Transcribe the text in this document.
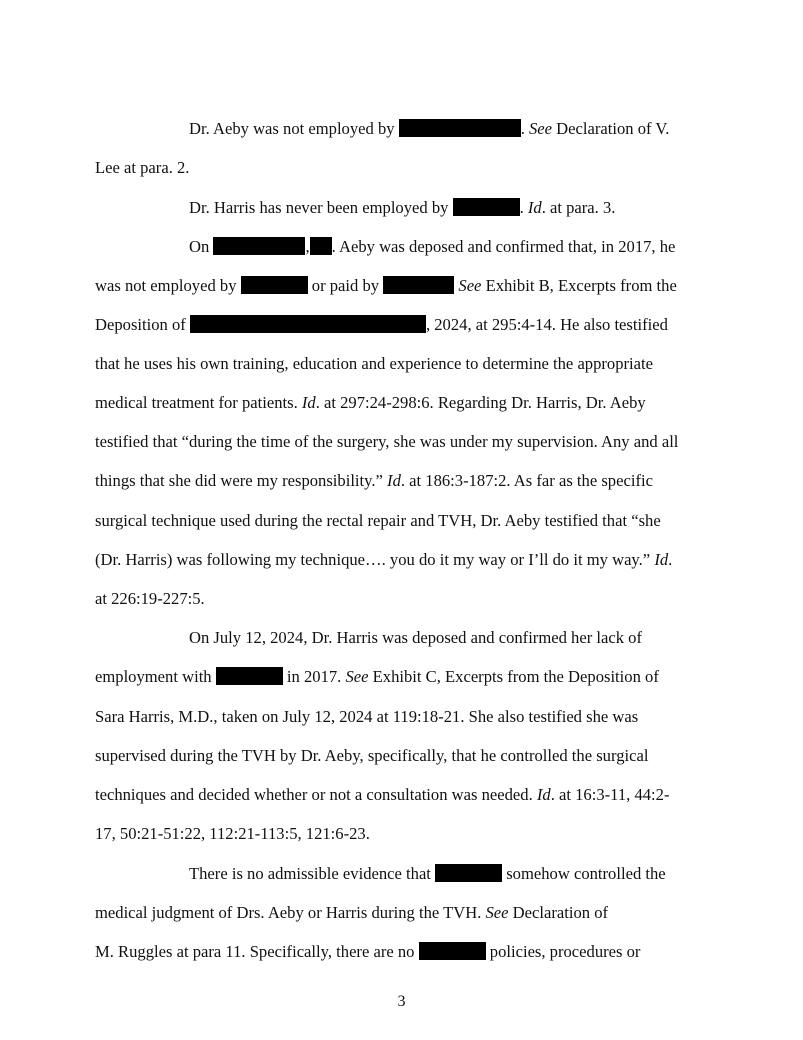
Dr. Aeby was not employed by	. See Declaration of V.
Lee at para. 2.
Dr. Harris has never been employed by	. Id. at para. 3.
On	, . Aeby was deposed and confirmed that, in 2017, he
was not employed by	or paid by	See Exhibit B, Excerpts from the
Deposition of	, 2024, at 295:4-14. He also testified
that he uses his own training, education and experience to determine the appropriate
medical treatment for patients. Id. at 297:24-298:6. Regarding Dr. Harris, Dr. Aeby
testified that “during the time of the surgery, she was under my supervision. Any and all
things that she did were my responsibility.” Id. at 186:3-187:2. As far as the specific
surgical technique used during the rectal repair and TVH, Dr. Aeby testified that “she
(Dr. Harris) was following my technique…. you do it my way or I’ll do it my way.” Id.
at 226:19-227:5.
On July 12, 2024, Dr. Harris was deposed and confirmed her lack of
employment with	in 2017. See Exhibit C, Excerpts from the Deposition of
Sara Harris, M.D., taken on July 12, 2024 at 119:18-21. She also testified she was
supervised during the TVH by Dr. Aeby, specifically, that he controlled the surgical
techniques and decided whether or not a consultation was needed. Id. at 16:3-11, 44:2-
17, 50:21-51:22, 112:21-113:5, 121:6-23.
There is no admissible evidence that	somehow controlled the
medical judgment of Drs. Aeby or Harris during the TVH. See Declaration of
M. Ruggles at para 11. Specifically, there are no	policies, procedures or
3
